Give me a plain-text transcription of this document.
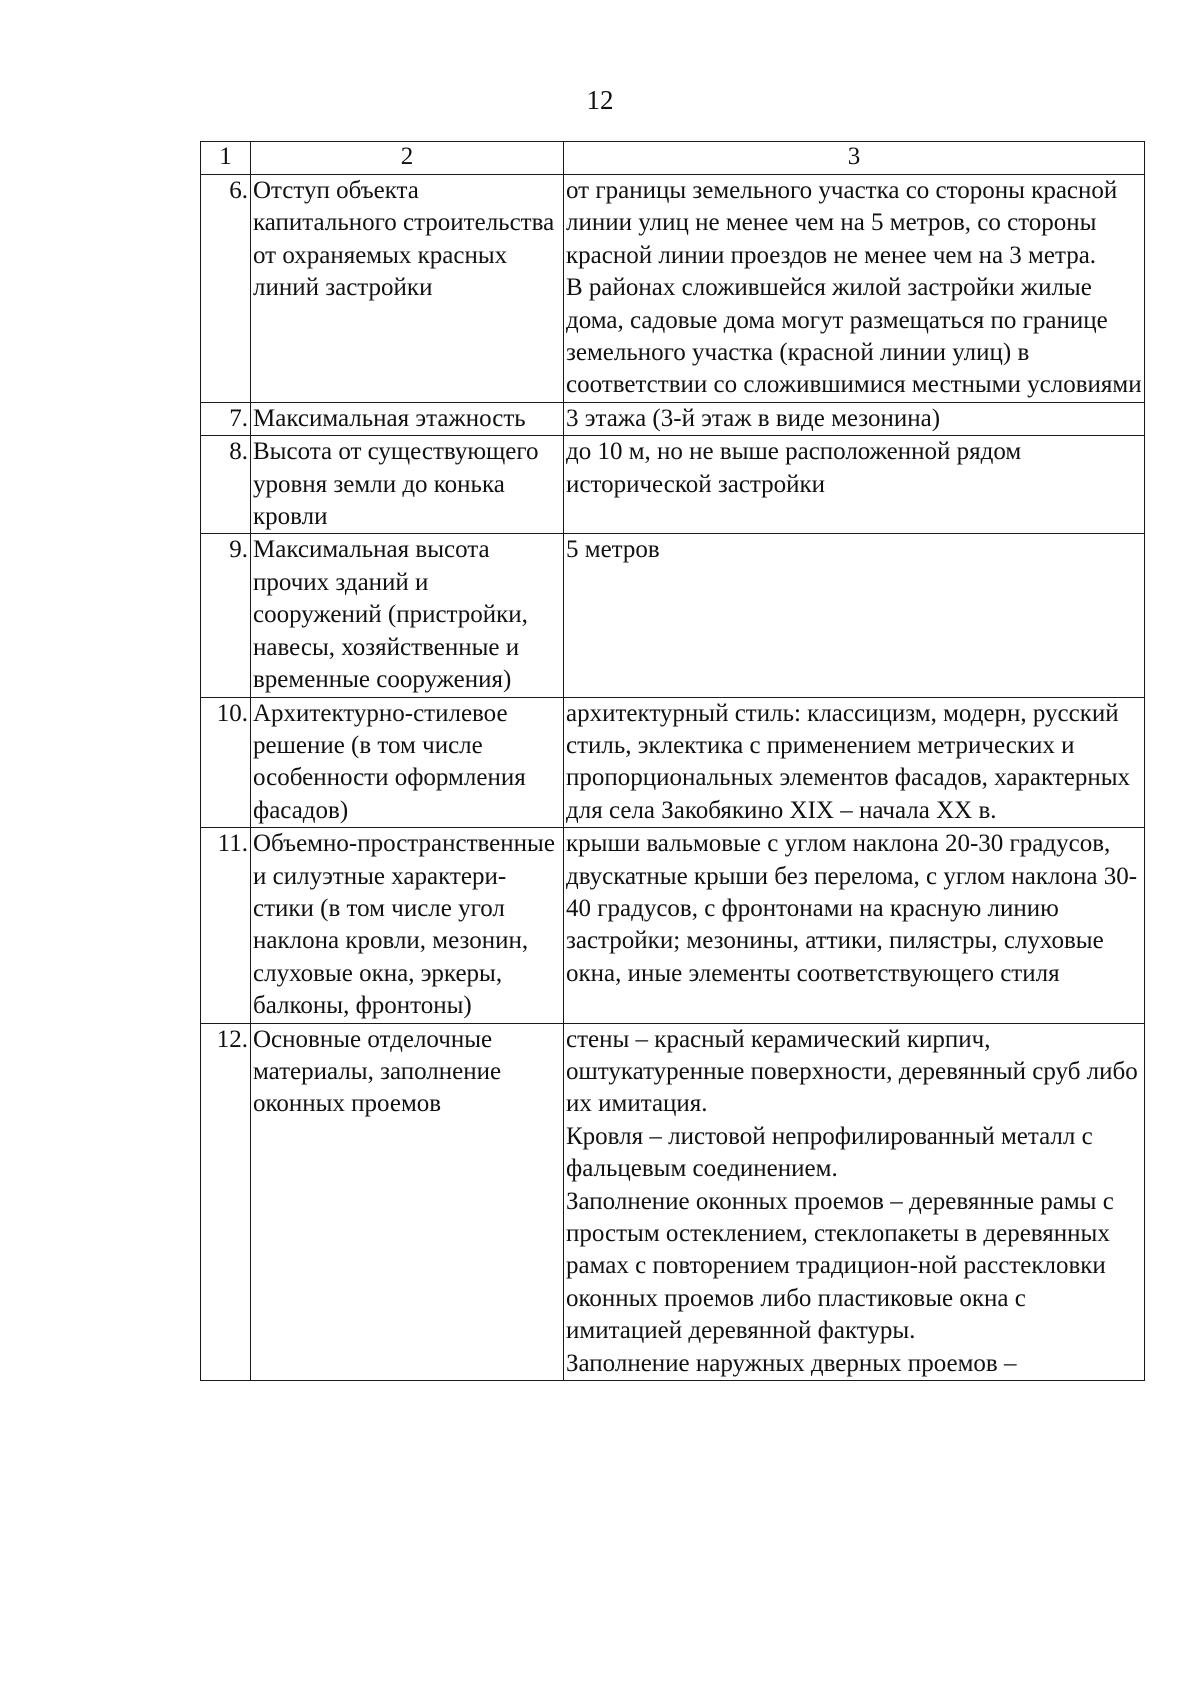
12
1	2	3
6.	Отступ объекта капитального строительства от охраняемых красных линий застройки	от границы земельного участка со стороны красной линии улиц не менее чем на 5 метров, со стороны красной линии проездов не менее чем на 3 метра.
В районах сложившейся жилой застройки жилые дома, садовые дома могут размещаться по границе земельного участка (красной линии улиц) в соответствии со сложившимися местными условиями

7.	Максимальная этажность	3 этажа (3-й этаж в виде мезонина)

8.	Высота от существующего уровня земли до конька кровли	до 10 м, но не выше расположенной рядом исторической застройки

9.	Максимальная высота прочих зданий и сооружений (пристройки, навесы, хозяйственные и временные сооружения)	5 метров

10.	Архитектурно-стилевое решение (в том числе особенности оформления фасадов)	архитектурный стиль: классицизм, модерн, русский стиль, эклектика с применением метрических и пропорциональных элементов фасадов, характерных для села Закобякино XIX – начала XX в.

11.	Объемно-пространственные и силуэтные характери-стики (в том числе угол наклона кровли, мезонин, слуховые окна, эркеры, балконы, фронтоны)	крыши вальмовые с углом наклона 20-30 градусов, двускатные крыши без перелома, с углом наклона 30-40 градусов, с фронтонами на красную линию застройки; мезонины, аттики, пилястры, слуховые окна, иные элементы соответствующего стиля

12.	Основные отделочные материалы, заполнение оконных проемов	стены – красный керамический кирпич, оштукатуренные поверхности, деревянный сруб либо их имитация.
Кровля – листовой непрофилированный металл с фальцевым соединением.
Заполнение оконных проемов – деревянные рамы с простым остеклением, стеклопакеты в деревянных рамах с повторением традицион-ной расстекловки оконных проемов либо пластиковые окна с имитацией деревянной фактуры.
Заполнение наружных дверных проемов –
